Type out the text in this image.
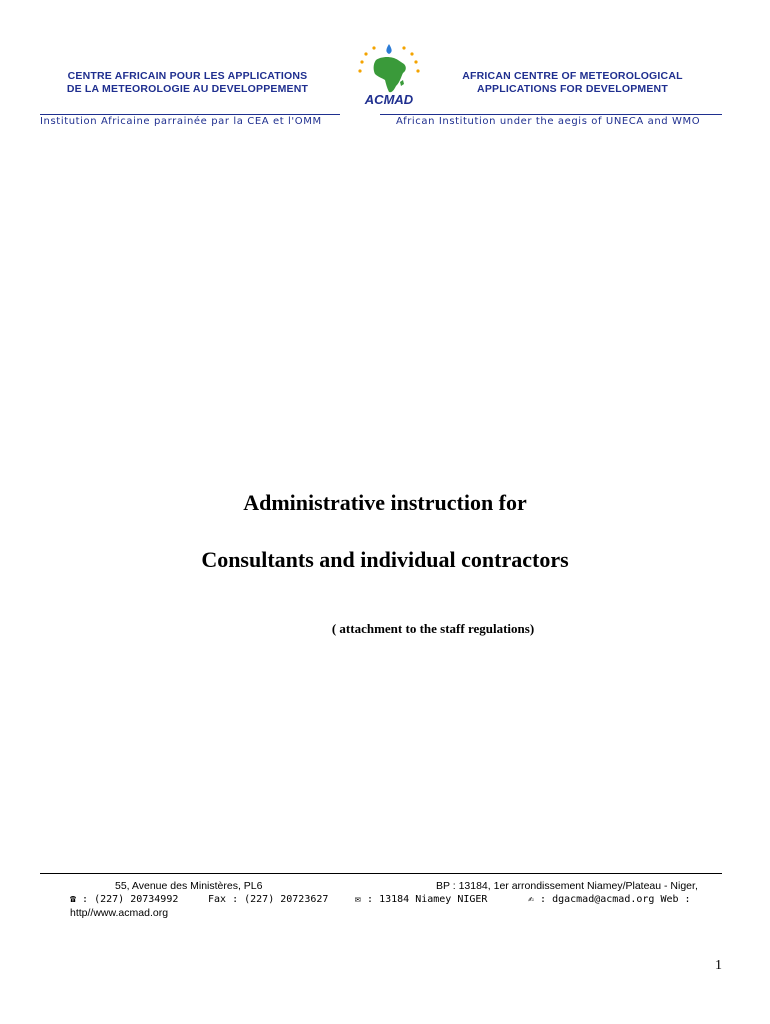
CENTRE AFRICAIN POUR LES APPLICATIONS
DE LA METEOROLOGIE AU DEVELOPPEMENT
ACMAD
AFRICAN CENTRE OF METEOROLOGICAL
APPLICATIONS FOR DEVELOPMENT
Institution Africaine parrainée par la CEA et l'OMM	African Institution under the aegis of UNECA and WMO
Administrative instruction for
Consultants and individual contractors
( attachment to the staff regulations)
55, Avenue des Ministères, PL6	BP : 13184, 1er arrondissement Niamey/Plateau - Niger,
☎ : (227) 20734992	Fax : (227) 20723627	✉ : 13184 Niamey NIGER	✍ : dgacmad@acmad.org Web :
http//www.acmad.org
1
